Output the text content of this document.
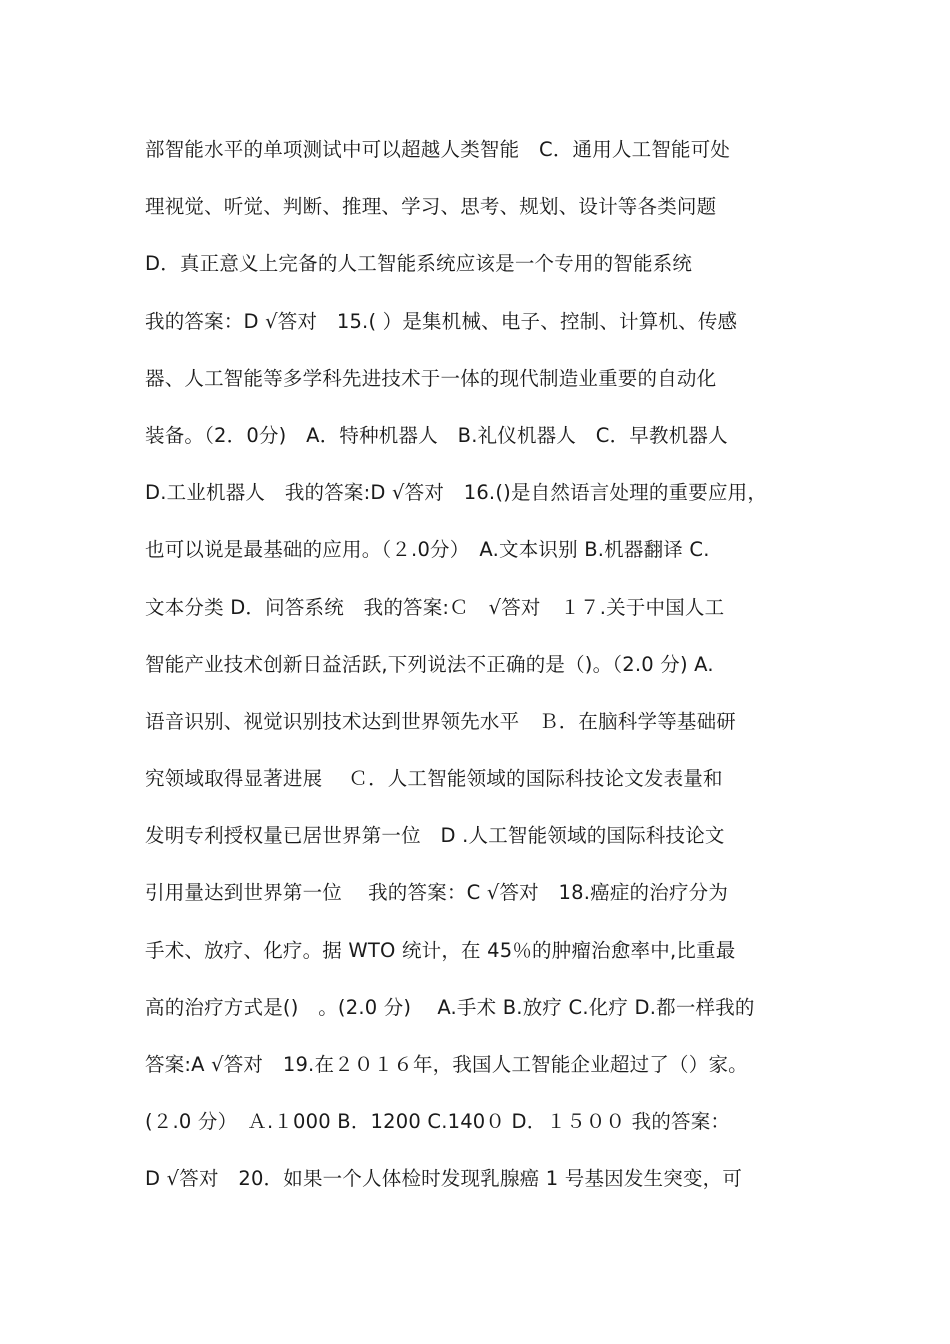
部智能水平的单项测试中可以超越人类智能　C．通用人工智能可处
理视觉、听觉、判断、推理、学习、思考、规划、设计等各类问题
D．真正意义上完备的人工智能系统应该是一个专用的智能系统
我的答案：D √答对　15.( ）是集机械、电子、控制、计算机、传感
器、人工智能等多学科先进技术于一体的现代制造业重要的自动化
装备。（2．0分)　A．特种机器人　B.礼仪机器人　C．早教机器人
D.工业机器人　我的答案:D √答对　16.()是自然语言处理的重要应用，
也可以说是最基础的应用。（２.0分）　A.文本识别 B.机器翻译 C.
文本分类 D．问答系统　我的答案:Ｃ　√答对　１７.关于中国人工
智能产业技术创新日益活跃,下列说法不正确的是（)。（2.0 分) A.
语音识别、视觉识别技术达到世界领先水平　Ｂ．在脑科学等基础研
究领域取得显著进展　 Ｃ．人工智能领域的国际科技论文发表量和
发明专利授权量已居世界第一位　D .人工智能领域的国际科技论文
引用量达到世界第一位　 我的答案：C √答对　18.癌症的治疗分为
手术、放疗、化疗。据 WTO 统计，在 45％的肿瘤治愈率中,比重最
高的治疗方式是()　。(2.0 分)　 A.手术 B.放疗 C.化疗 D.都一样我的
答案:A √答对　19.在２０１６年，我国人工智能企业超过了（）家。
(２.0 分）　Ａ.１000 B．1200 C.140０ D．１５００ 我的答案：
D √答对　20．如果一个人体检时发现乳腺癌 1 号基因发生突变，可
